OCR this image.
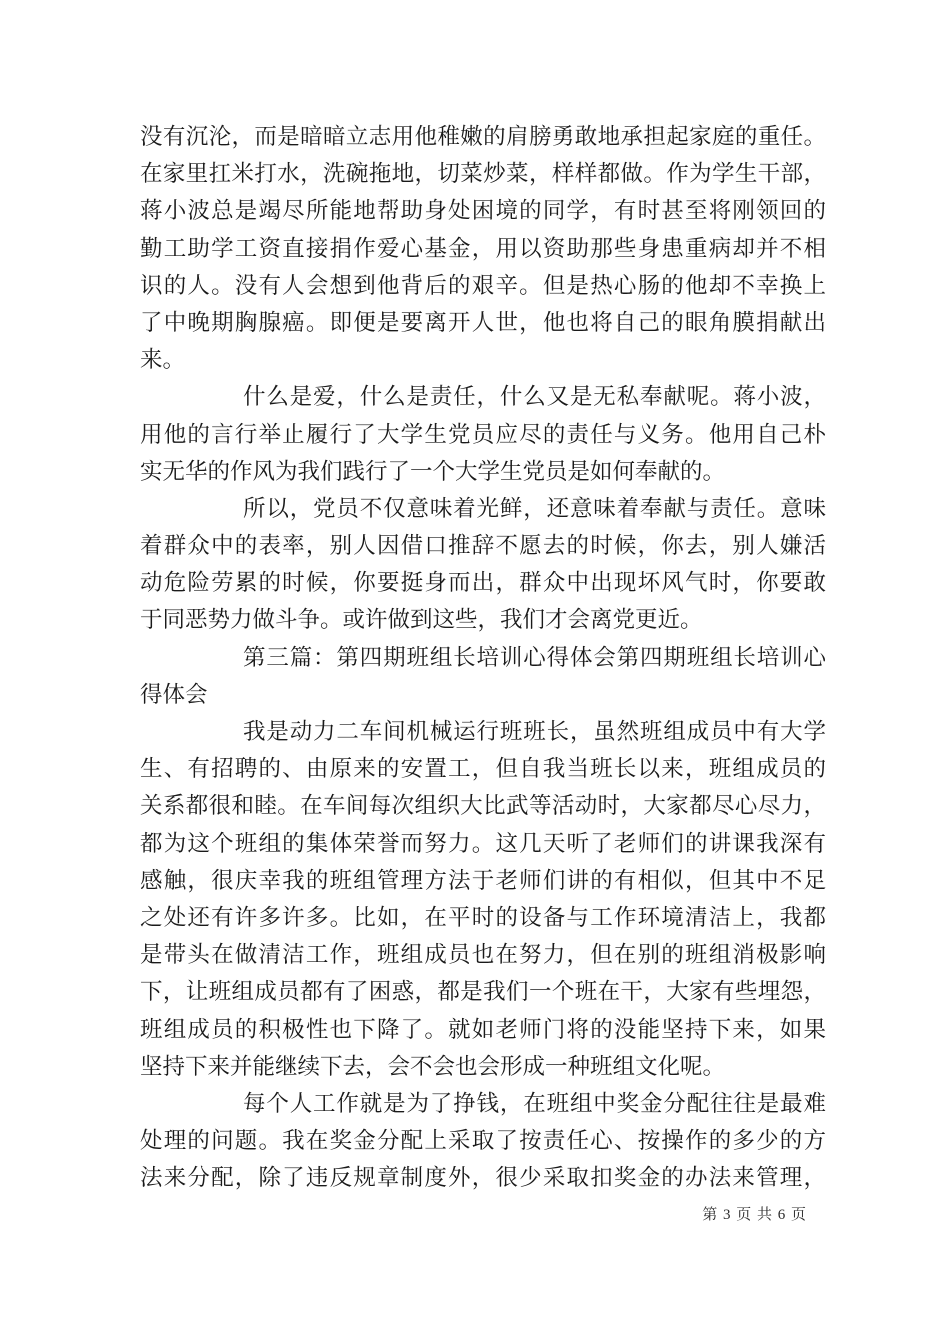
没有沉沦，而是暗暗立志用他稚嫩的肩膀勇敢地承担起家庭的重任。
在家里扛米打水，洗碗拖地，切菜炒菜，样样都做。作为学生干部，
蒋小波总是竭尽所能地帮助身处困境的同学，有时甚至将刚领回的
勤工助学工资直接捐作爱心基金，用以资助那些身患重病却并不相
识的人。没有人会想到他背后的艰辛。但是热心肠的他却不幸换上
了中晚期胸腺癌。即便是要离开人世，他也将自己的眼角膜捐献出
来。
什么是爱，什么是责任，什么又是无私奉献呢。蒋小波，
用他的言行举止履行了大学生党员应尽的责任与义务。他用自己朴
实无华的作风为我们践行了一个大学生党员是如何奉献的。
所以，党员不仅意味着光鲜，还意味着奉献与责任。意味
着群众中的表率，别人因借口推辞不愿去的时候，你去，别人嫌活
动危险劳累的时候，你要挺身而出，群众中出现坏风气时，你要敢
于同恶势力做斗争。或许做到这些，我们才会离党更近。
第三篇：第四期班组长培训心得体会第四期班组长培训心
得体会
我是动力二车间机械运行班班长，虽然班组成员中有大学
生、有招聘的、由原来的安置工，但自我当班长以来，班组成员的
关系都很和睦。在车间每次组织大比武等活动时，大家都尽心尽力，
都为这个班组的集体荣誉而努力。这几天听了老师们的讲课我深有
感触，很庆幸我的班组管理方法于老师们讲的有相似，但其中不足
之处还有许多许多。比如，在平时的设备与工作环境清洁上，我都
是带头在做清洁工作，班组成员也在努力，但在别的班组消极影响
下，让班组成员都有了困惑，都是我们一个班在干，大家有些埋怨，
班组成员的积极性也下降了。就如老师门将的没能坚持下来，如果
坚持下来并能继续下去，会不会也会形成一种班组文化呢。
每个人工作就是为了挣钱，在班组中奖金分配往往是最难
处理的问题。我在奖金分配上采取了按责任心、按操作的多少的方
法来分配，除了违反规章制度外，很少采取扣奖金的办法来管理，
第 3 页 共 6 页
